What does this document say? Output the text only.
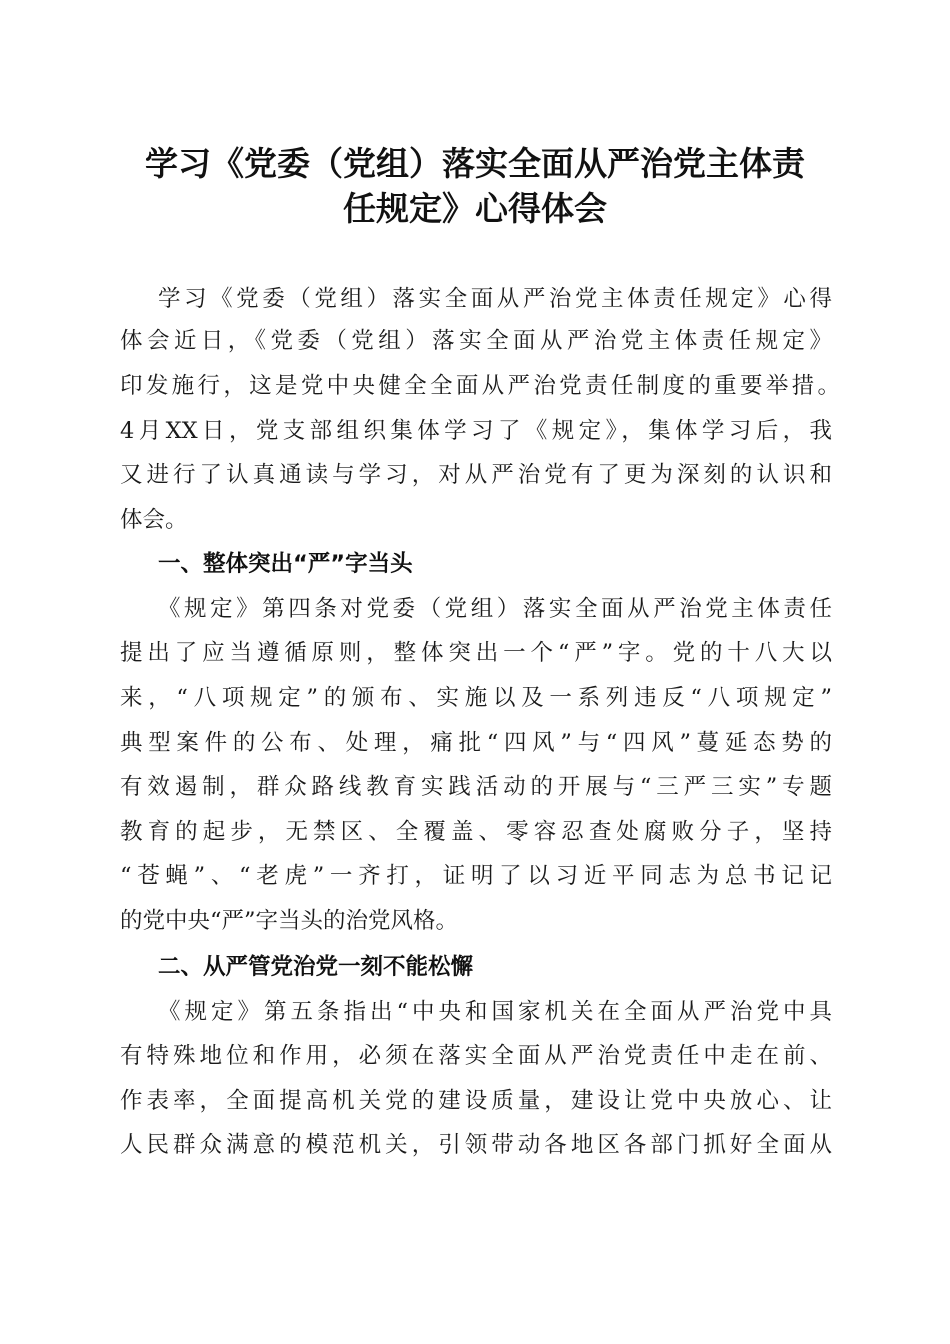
学习《党委（党组）落实全面从严治党主体责
任规定》心得体会
学习《党委（党组）落实全面从严治党主体责任规定》心得
体会近日，《党委（党组）落实全面从严治党主体责任规定》
印发施行，这是党中央健全全面从严治党责任制度的重要举措。
4月XX日，党支部组织集体学习了《规定》，集体学习后，我
又进行了认真通读与学习，对从严治党有了更为深刻的认识和
体会。
一、整体突出“严”字当头
《规定》第四条对党委（党组）落实全面从严治党主体责任
提出了应当遵循原则，整体突出一个“严”字。党的十八大以
来，“八项规定”的颁布、实施以及一系列违反“八项规定”
典型案件的公布、处理，痛批“四风”与“四风”蔓延态势的
有效遏制，群众路线教育实践活动的开展与“三严三实”专题
教育的起步，无禁区、全覆盖、零容忍查处腐败分子，坚持
“苍蝇”、“老虎”一齐打，证明了以习近平同志为总书记记
的党中央“严”字当头的治党风格。
二、从严管党治党一刻不能松懈
《规定》第五条指出“中央和国家机关在全面从严治党中具
有特殊地位和作用，必须在落实全面从严治党责任中走在前、
作表率，全面提高机关党的建设质量，建设让党中央放心、让
人民群众满意的模范机关，引领带动各地区各部门抓好全面从
